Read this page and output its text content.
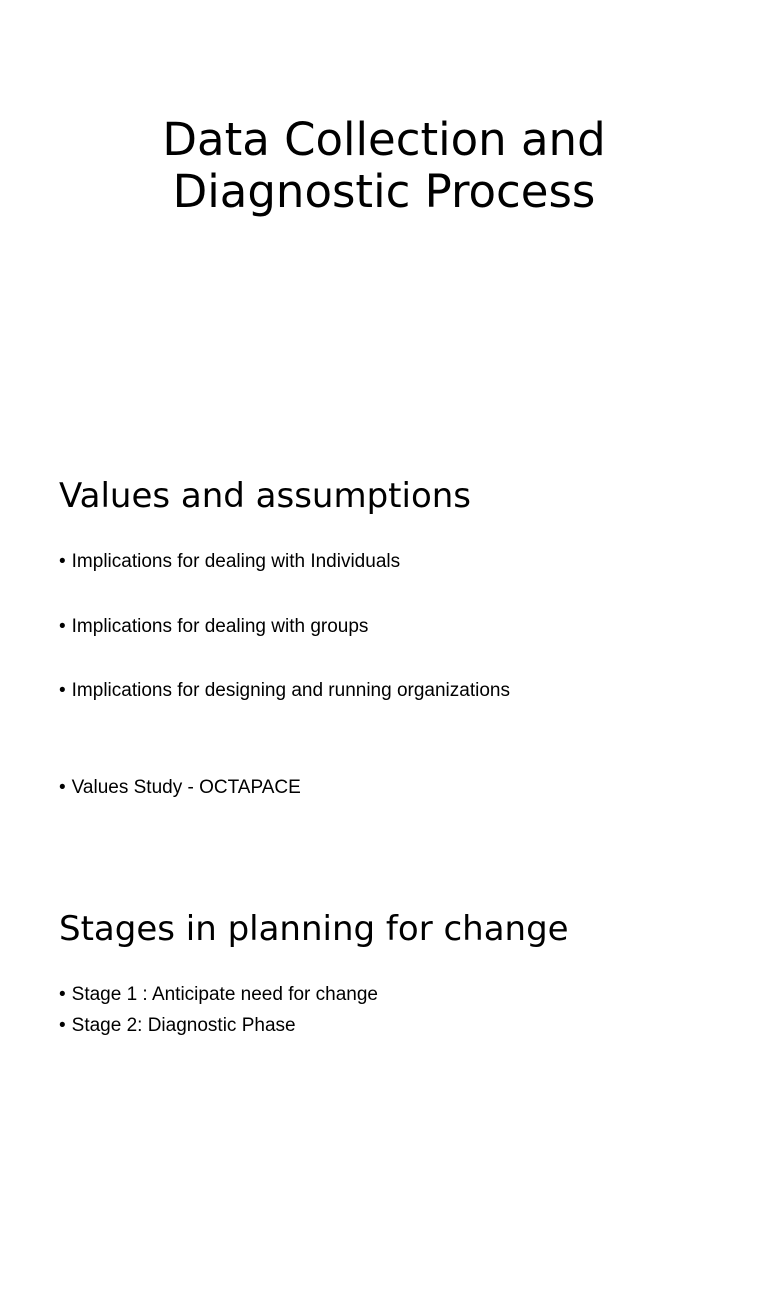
Data Collection and
Diagnostic Process
Values and assumptions
• Implications for dealing with Individuals
• Implications for dealing with groups
• Implications for designing and running organizations
• Values Study - OCTAPACE
Stages in planning for change
• Stage 1 : Anticipate need for change
• Stage 2: Diagnostic Phase
